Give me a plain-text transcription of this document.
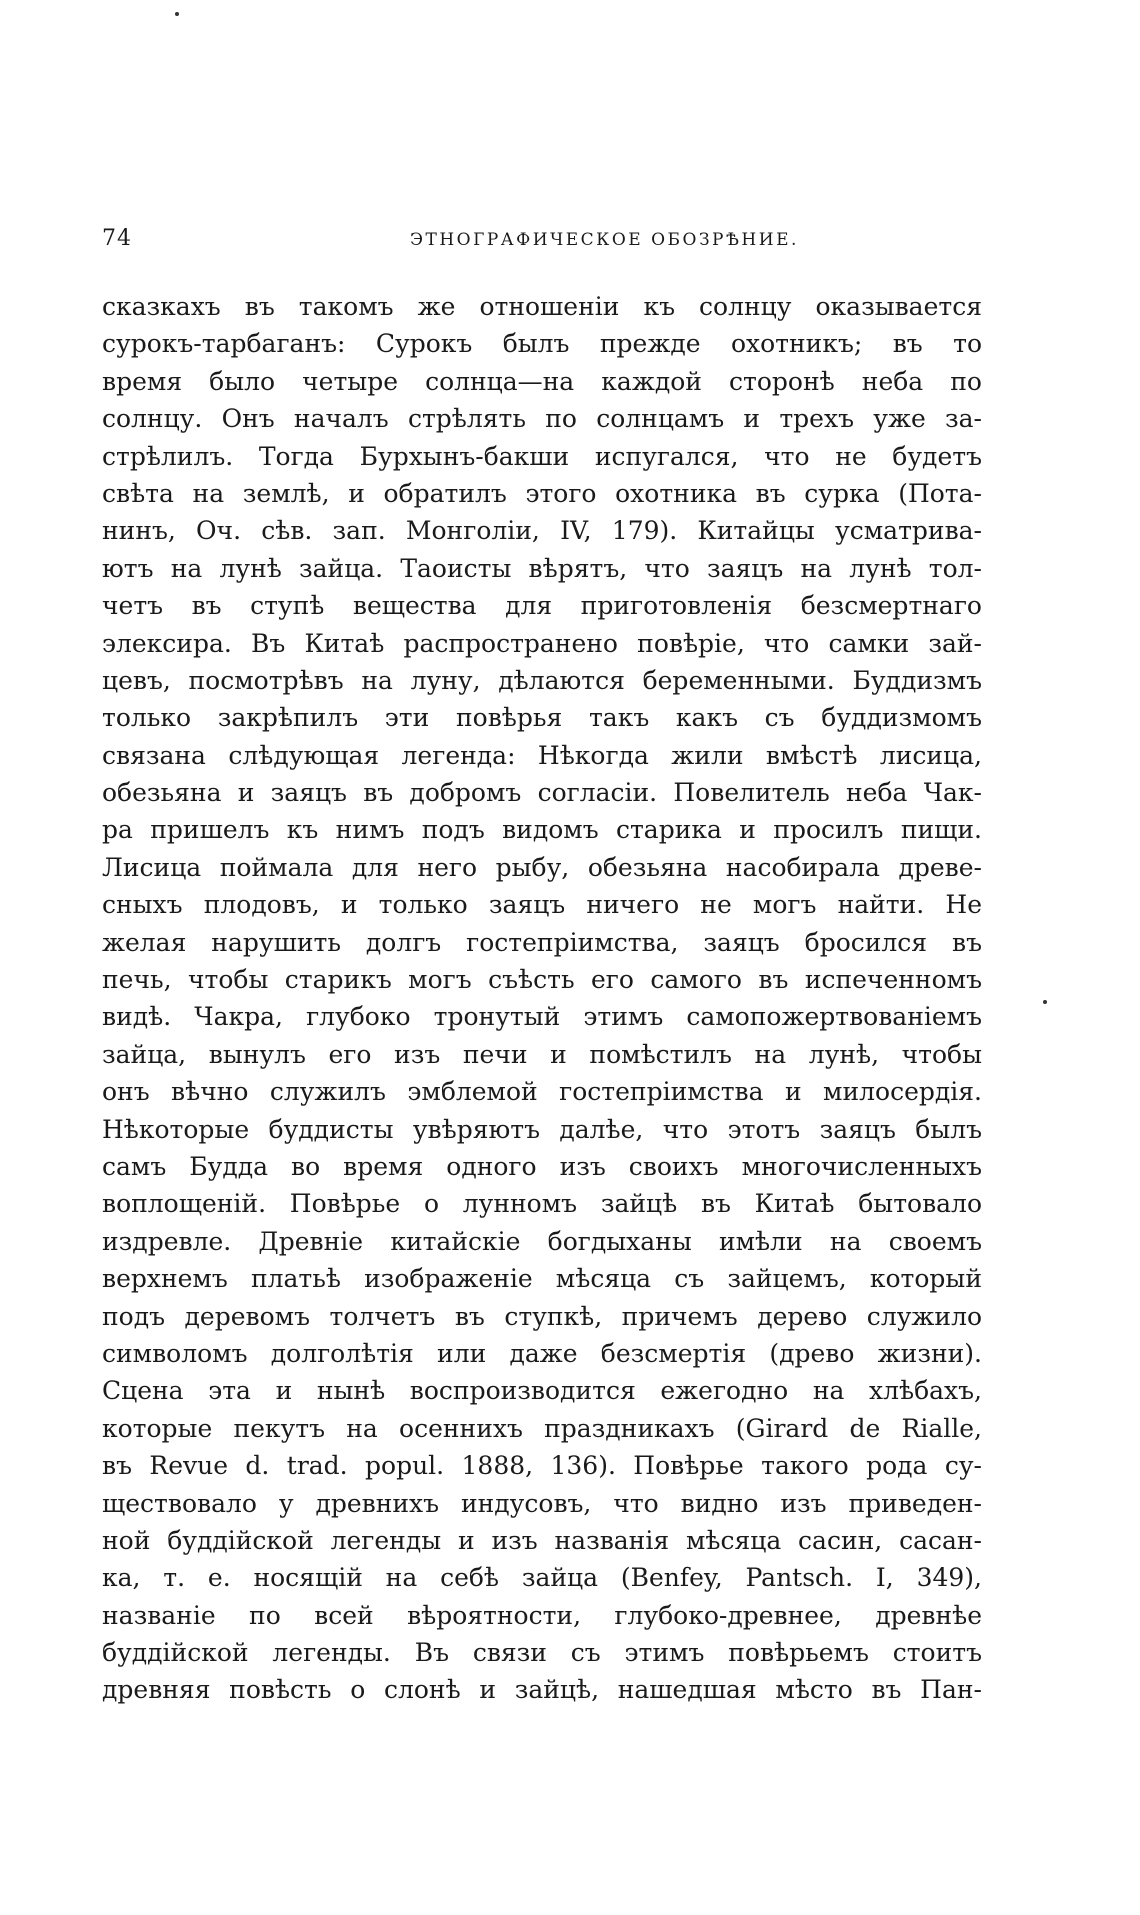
74	ЭТНОГРАФИЧЕСКОЕ ОБОЗРѢНИЕ.
сказкахъ въ такомъ же отношеніи къ солнцу оказывается
сурокъ-тарбаганъ: Сурокъ былъ прежде охотникъ; въ то
время было четыре солнца—на каждой сторонѣ неба по
солнцу. Онъ началъ стрѣлять по солнцамъ и трехъ уже за-
стрѣлилъ. Тогда Бурхынъ-бакши испугался, что не будетъ
свѣта на землѣ, и обратилъ этого охотника въ сурка (Пота-
нинъ, Оч. сѣв. зап. Монголіи, IV, 179). Китайцы усматрива-
ютъ на лунѣ зайца. Таоисты вѣрятъ, что заяцъ на лунѣ тол-
четъ въ ступѣ вещества для приготовленія безсмертнаго
элексира. Въ Китаѣ распространено повѣріе, что самки зай-
цевъ, посмотрѣвъ на луну, дѣлаются беременными. Буддизмъ
только закрѣпилъ эти повѣрья такъ какъ съ буддизмомъ
связана слѣдующая легенда: Нѣкогда жили вмѣстѣ лисица,
обезьяна и заяцъ въ добромъ согласіи. Повелитель неба Чак-
ра пришелъ къ нимъ подъ видомъ старика и просилъ пищи.
Лисица поймала для него рыбу, обезьяна насобирала древе-
сныхъ плодовъ, и только заяцъ ничего не могъ найти. Не
желая нарушить долгъ гостепріимства, заяцъ бросился въ
печь, чтобы старикъ могъ съѣсть его самого въ испеченномъ
видѣ. Чакра, глубоко тронутый этимъ самопожертвованіемъ
зайца, вынулъ его изъ печи и помѣстилъ на лунѣ, чтобы
онъ вѣчно служилъ эмблемой гостепріимства и милосердія.
Нѣкоторые буддисты увѣряютъ далѣе, что этотъ заяцъ былъ
самъ Будда во время одного изъ своихъ многочисленныхъ
воплощеній. Повѣрье о лунномъ зайцѣ въ Китаѣ бытовало
издревле. Древніе китайскіе богдыханы имѣли на своемъ
верхнемъ платьѣ изображеніе мѣсяца съ зайцемъ, который
подъ деревомъ толчетъ въ ступкѣ, причемъ дерево служило
символомъ долголѣтія или даже безсмертія (древо жизни).
Сцена эта и нынѣ воспроизводится ежегодно на хлѣбахъ,
которые пекутъ на осеннихъ праздникахъ (Girard de Rialle,
въ Revue d. trad. popul. 1888, 136). Повѣрье такого рода су-
ществовало у древнихъ индусовъ, что видно изъ приведен-
ной буддійской легенды и изъ названія мѣсяца сасин, сасан-
ка, т. е. носящій на себѣ зайца (Benfey, Pantsch. I, 349),
названіе по всей вѣроятности, глубоко-древнее, древнѣе
буддійской легенды. Въ связи съ этимъ повѣрьемъ стоитъ
древняя повѣсть о слонѣ и зайцѣ, нашедшая мѣсто въ Пан-
